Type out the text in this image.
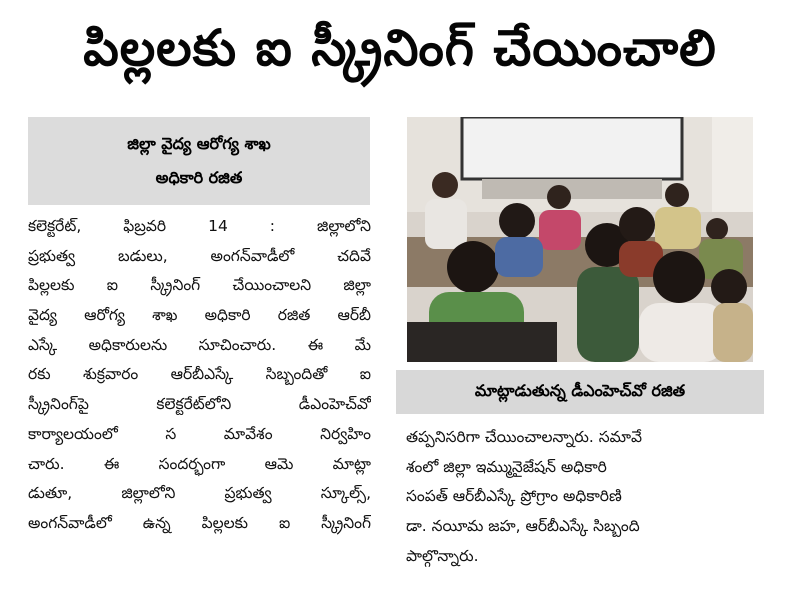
పిల్లలకు ఐ స్క్రీనింగ్ చేయించాలి
జిల్లా వైద్య ఆరోగ్య శాఖ
అధికారి రజిత
కలెక్టరేట్, ఫిబ్రవరి 14 : జిల్లాలోని
ప్రభుత్వ బడులు, అంగన్‌వాడీలో చదివే
పిల్లలకు ఐ స్క్రీనింగ్ చేయించాలని జిల్లా
వైద్య ఆరోగ్య శాఖ అధికారి రజిత ఆర్‌బీ
ఎస్కే అధికారులను సూచించారు. ఈ మే
రకు శుక్రవారం ఆర్‌బీఎస్కే సిబ్బందితో ఐ
స్క్రీనింగ్‌పై కలెక్టరేట్‌లోని డీఎంహెచ్‌వో
కార్యాలయంలో స మావేశం నిర్వహిం
చారు. ఈ సందర్భంగా ఆమె మాట్లా
డుతూ, జిల్లాలోని ప్రభుత్వ స్కూల్స్,
అంగన్‌వాడీలో ఉన్న పిల్లలకు ఐ స్క్రీనింగ్
మాట్లాడుతున్న డీఎంహెచ్‌వో రజిత
తప్పనిసరిగా చేయించాలన్నారు. సమావే
శంలో జిల్లా ఇమ్మునైజేషన్ అధికారి
సంపత్ ఆర్‌బీఎస్కే ప్రోగ్రాం అధికారిణి
డా. నయీమ జహ, ఆర్‌బీఎస్కే సిబ్బంది
పాల్గొన్నారు.
